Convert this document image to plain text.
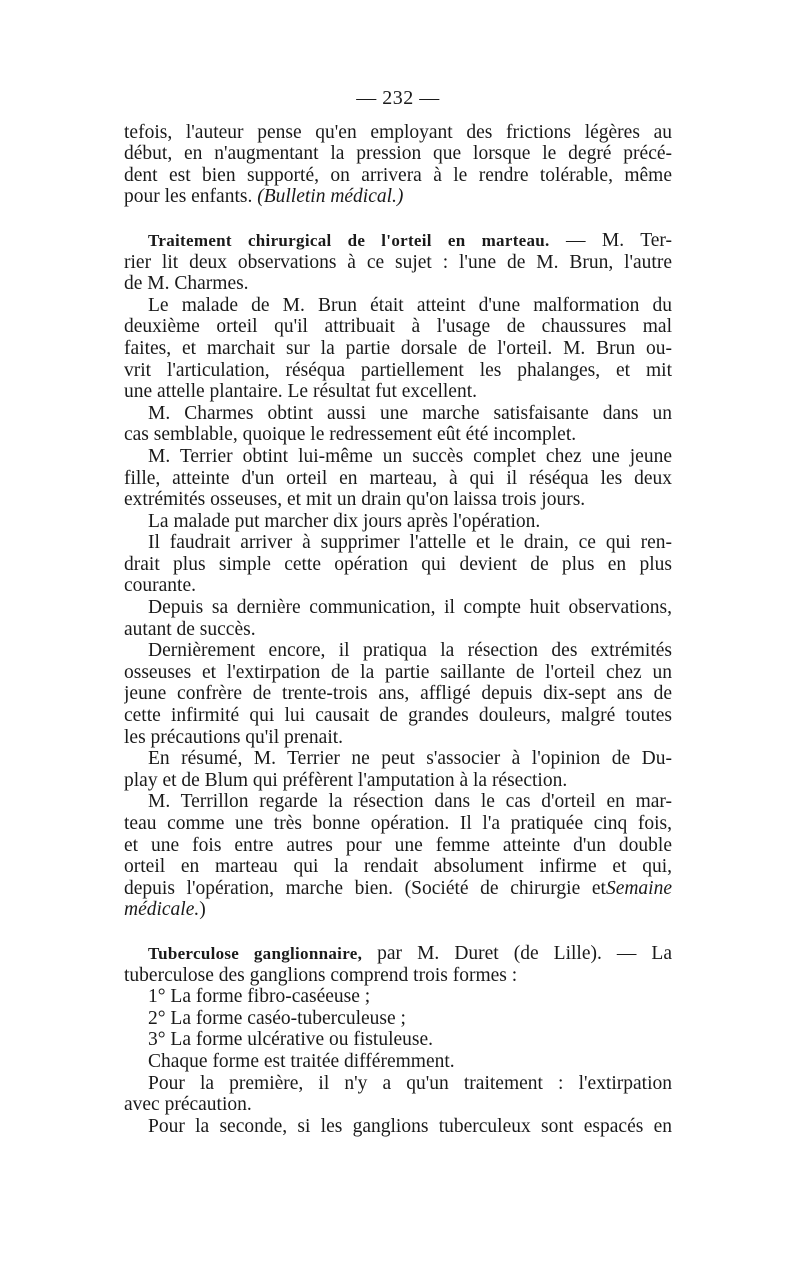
— 232 —
tefois, l'auteur pense qu'en employant des frictions légères au
début, en n'augmentant la pression que lorsque le degré précé-
dent est bien supporté, on arrivera à le rendre tolérable, même
pour les enfants. (Bulletin médical.)
Traitement chirurgical de l'orteil en marteau. — M. Ter-
rier lit deux observations à ce sujet : l'une de M. Brun, l'autre
de M. Charmes.
Le malade de M. Brun était atteint d'une malformation du
deuxième orteil qu'il attribuait à l'usage de chaussures mal
faites, et marchait sur la partie dorsale de l'orteil. M. Brun ou-
vrit l'articulation, réséqua partiellement les phalanges, et mit
une attelle plantaire. Le résultat fut excellent.
M. Charmes obtint aussi une marche satisfaisante dans un
cas semblable, quoique le redressement eût été incomplet.
M. Terrier obtint lui-même un succès complet chez une jeune
fille, atteinte d'un orteil en marteau, à qui il réséqua les deux
extrémités osseuses, et mit un drain qu'on laissa trois jours.
La malade put marcher dix jours après l'opération.
Il faudrait arriver à supprimer l'attelle et le drain, ce qui ren-
drait plus simple cette opération qui devient de plus en plus
courante.
Depuis sa dernière communication, il compte huit observations,
autant de succès.
Dernièrement encore, il pratiqua la résection des extrémités
osseuses et l'extirpation de la partie saillante de l'orteil chez un
jeune confrère de trente-trois ans, affligé depuis dix-sept ans de
cette infirmité qui lui causait de grandes douleurs, malgré toutes
les précautions qu'il prenait.
En résumé, M. Terrier ne peut s'associer à l'opinion de Du-
play et de Blum qui préfèrent l'amputation à la résection.
M. Terrillon regarde la résection dans le cas d'orteil en mar-
teau comme une très bonne opération. Il l'a pratiquée cinq fois,
et une fois entre autres pour une femme atteinte d'un double
orteil en marteau qui la rendait absolument infirme et qui,
depuis l'opération, marche bien. (Société de chirurgie etSemaine
médicale.)
Tuberculose ganglionnaire, par M. Duret (de Lille). — La
tuberculose des ganglions comprend trois formes :
1° La forme fibro-caséeuse ;
2° La forme caséo-tuberculeuse ;
3° La forme ulcérative ou fistuleuse.
Chaque forme est traitée différemment.
Pour la première, il n'y a qu'un traitement : l'extirpation
avec précaution.
Pour la seconde, si les ganglions tuberculeux sont espacés en
